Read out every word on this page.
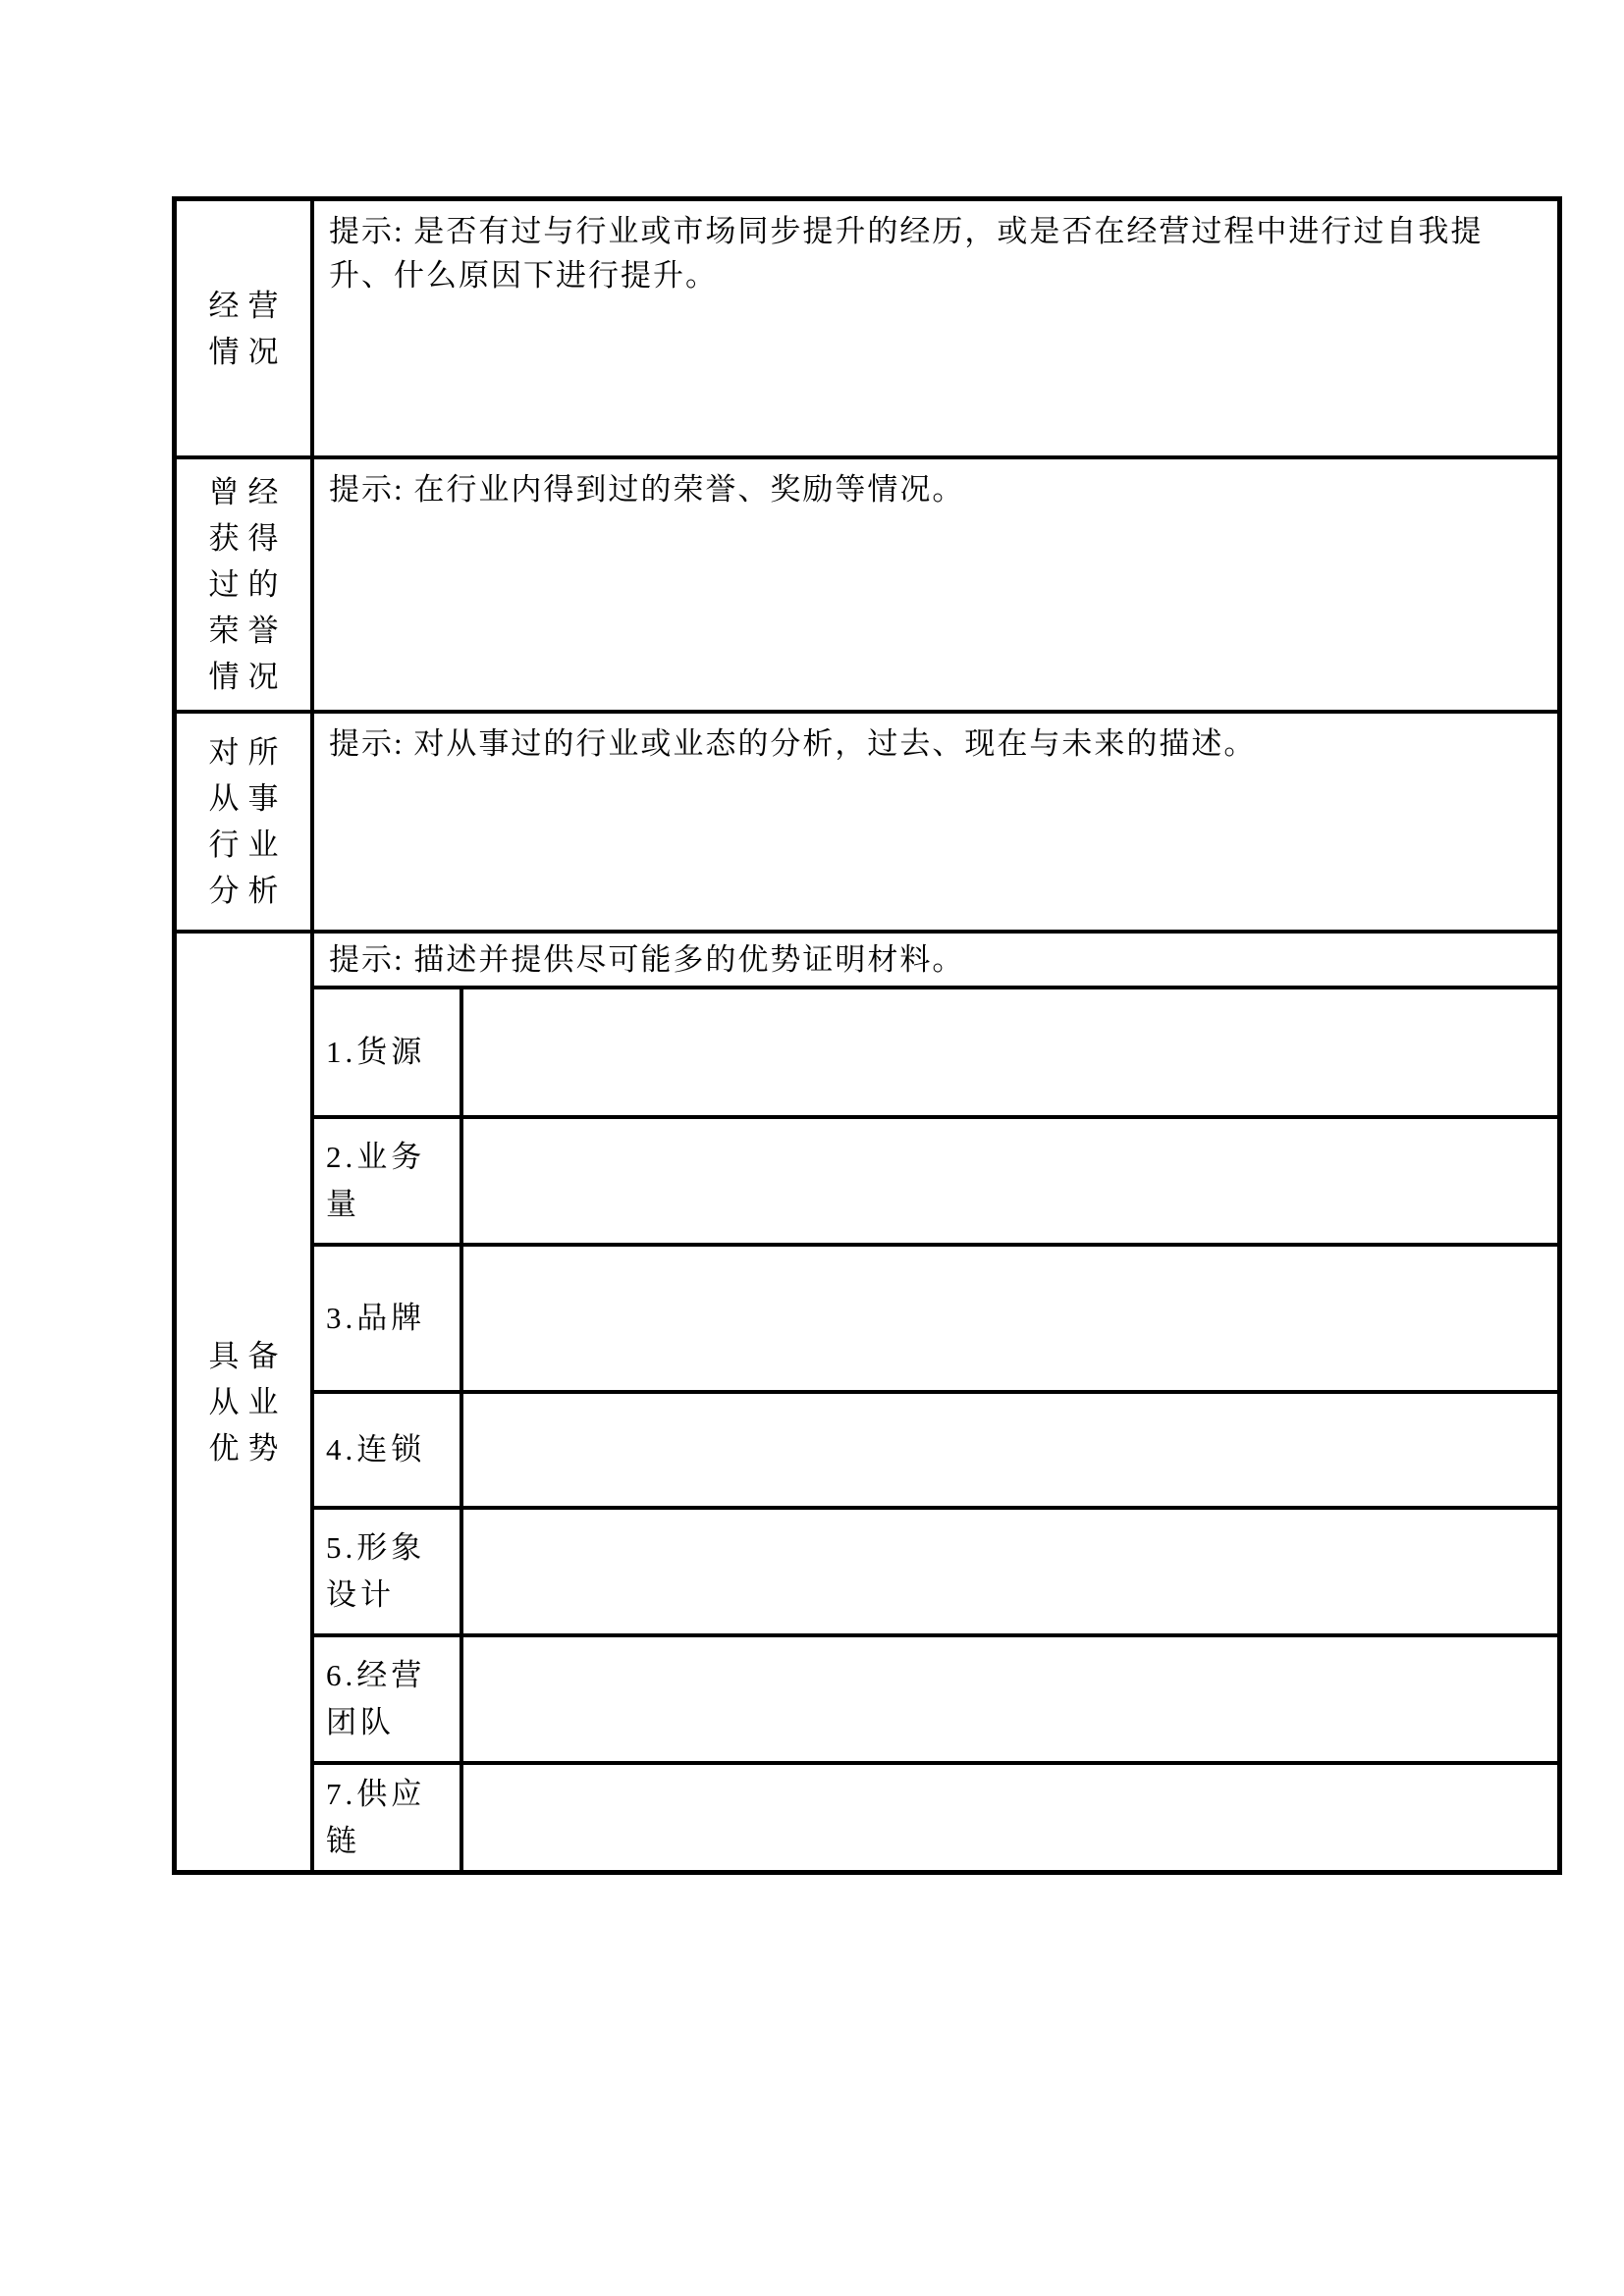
经营
情况
提示: 是否有过与行业或市场同步提升的经历，或是否在经营过程中进行过自我提升、什么原因下进行提升。
曾经
获得
过的
荣誉
情况
提示: 在行业内得到过的荣誉、奖励等情况。
对所
从事
行业
分析
提示: 对从事过的行业或业态的分析，过去、现在与未来的描述。
具备
从业
优势
提示: 描述并提供尽可能多的优势证明材料。
1.货源
2.业务量
3.品牌
4.连锁
5.形象设计
6.经营团队
7.供应链
